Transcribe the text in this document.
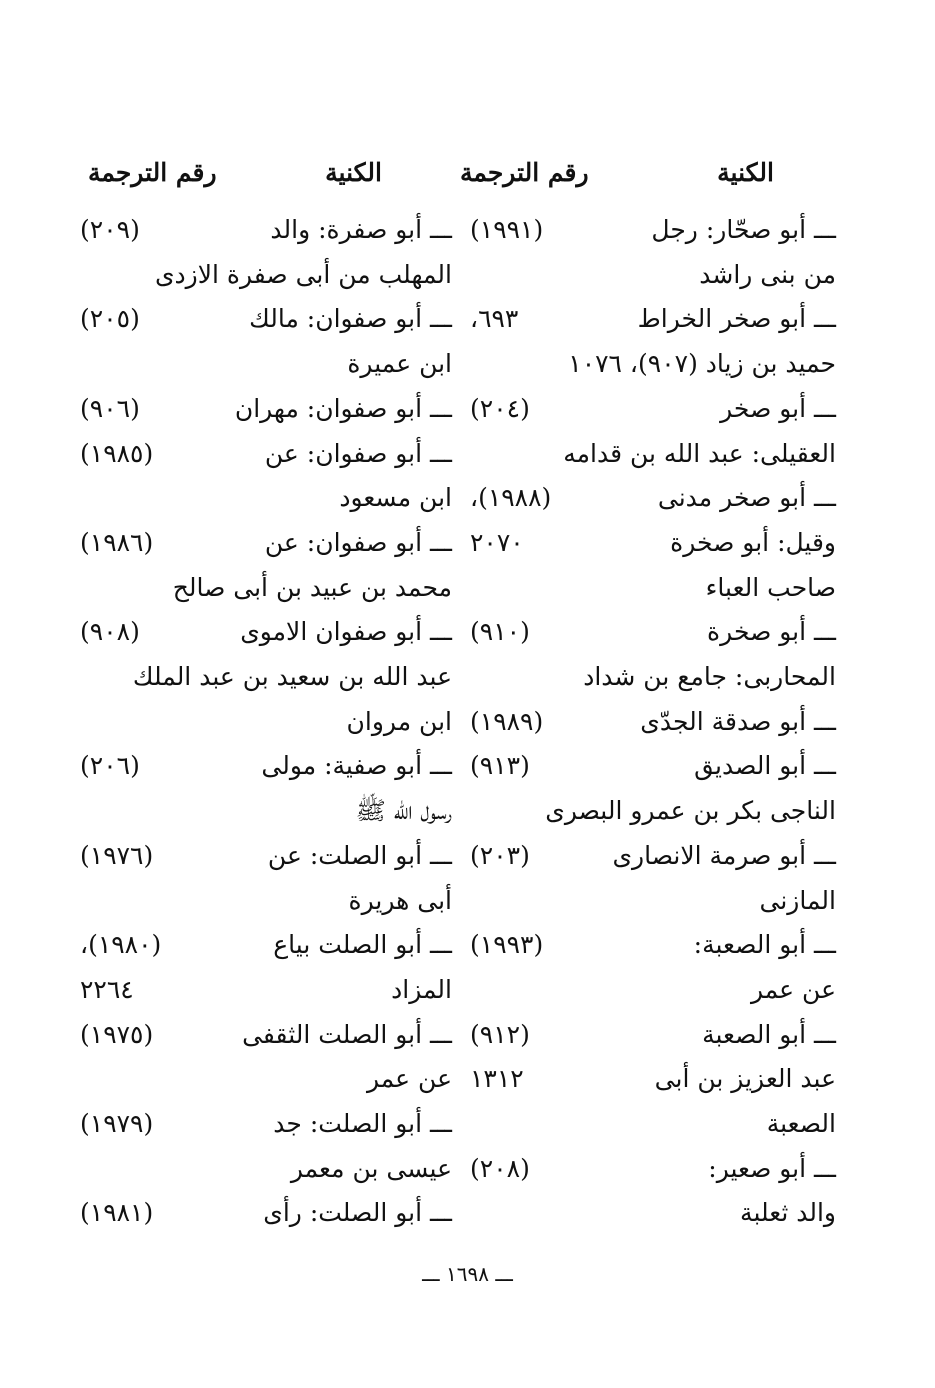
الكنية
رقم الترجمة
ـــ أبو صحّار: رجل
(١٩٩١)
من بنى راشد
ـــ أبو صخر الخراط
٦٩٣،
حميد بن زياد (٩٠٧)، ١٠٧٦
ـــ أبو صخر
(٢٠٤)
العقيلى: عبد الله بن قدامه
ـــ أبو صخر مدنى
(١٩٨٨)،
وقيل: أبو صخرة
٢٠٧٠
صاحب العباء
ـــ أبو صخرة
(٩١٠)
المحاربى: جامع بن شداد
ـــ أبو صدقة الجدّى
(١٩٨٩)
ـــ أبو الصديق
(٩١٣)
الناجى بكر بن عمرو البصرى
ـــ أبو صرمة الانصارى
(٢٠٣)
المازنى
ـــ أبو الصعبة:
(١٩٩٣)
عن عمر
ـــ أبو الصعبة
(٩١٢)
عبد العزيز بن أبى
١٣١٢
الصعبة
ـــ أبو صعير:
(٢٠٨)
والد ثعلبة
الكنية
رقم الترجمة
ـــ أبو صفرة: والد
(٢٠٩)
المهلب من أبى صفرة الازدى
ـــ أبو صفوان: مالك
(٢٠٥)
ابن عميرة
ـــ أبو صفوان: مهران
(٩٠٦)
ـــ أبو صفوان: عن
(١٩٨٥)
ابن مسعود
ـــ أبو صفوان: عن
(١٩٨٦)
محمد بن عبيد بن أبى صالح
ـــ أبو صفوان الاموى
(٩٠٨)
عبد الله بن سعيد بن عبد الملك
ابن مروان
ـــ أبو صفية: مولى
(٢٠٦)
رسول الله ﷺ
ـــ أبو الصلت: عن
(١٩٧٦)
أبى هريرة
ـــ أبو الصلت بياع
(١٩٨٠)،
المزاد
٢٢٦٤
ـــ أبو الصلت الثقفى
(١٩٧٥)
عن عمر
ـــ أبو الصلت: جد
(١٩٧٩)
عيسى بن معمر
ـــ أبو الصلت: رأى
(١٩٨١)
ـــ ١٦٩٨ ـــ
